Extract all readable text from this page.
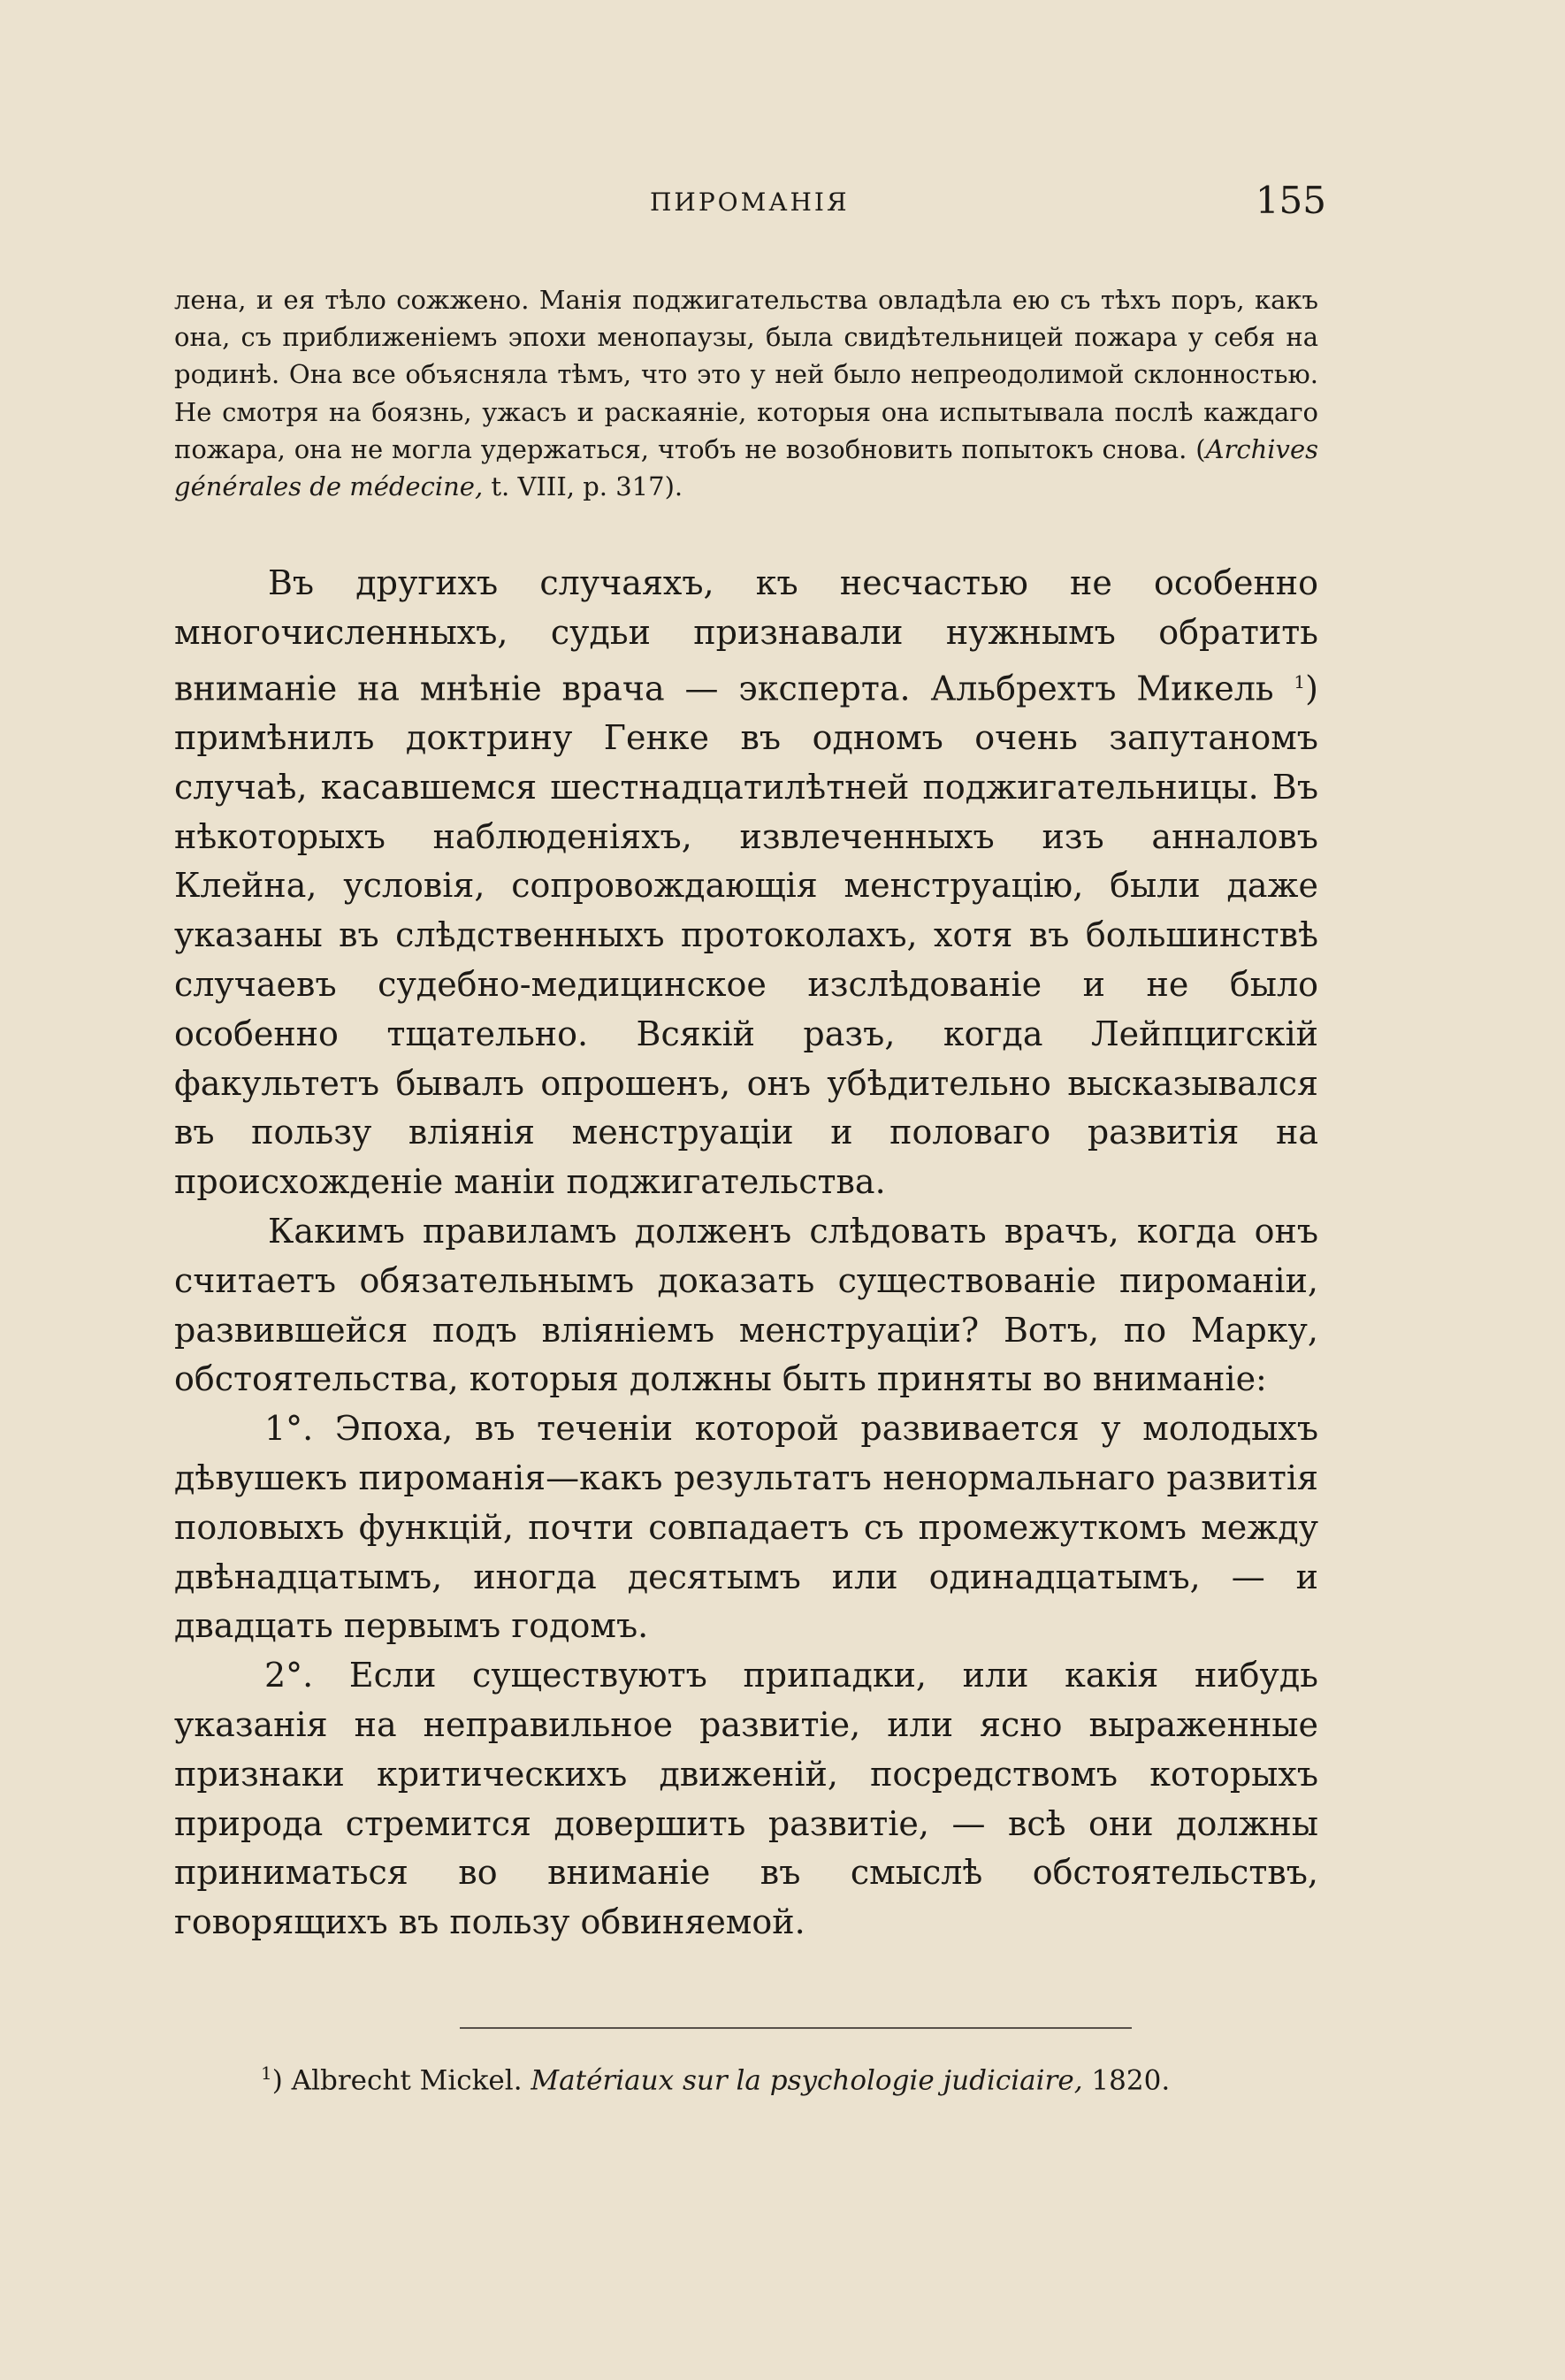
ПИРОМАНІЯ	155
лена, и ея тѣло сожжено. Манія поджигательства овладѣла ею съ тѣхъ поръ, какъ она, съ приближеніемъ эпохи менопаузы, была свидѣтельницей пожара у себя на родинѣ. Она все объясняла тѣмъ, что это у ней было непреодолимой склонностью. Не смотря на боязнь, ужасъ и раскаяніе, которыя она испытывала послѣ каждаго пожара, она не могла удержаться, чтобъ не возобновить попытокъ снова. (Archives générales de médecine, t. VIII, p. 317).

Въ другихъ случаяхъ, къ несчастью не особенно многочисленныхъ, судьи признавали нужнымъ обратить вниманіе на мнѣніе врача — эксперта. Альбрехтъ Микель $^1$) примѣнилъ доктрину Генке въ одномъ очень запутаномъ случаѣ, касавшемся шестнадцатилѣтней поджигательницы. Въ нѣкоторыхъ наблюденіяхъ, извлеченныхъ изъ анналовъ Клейна, условія, сопровождающія менструацію, были даже указаны въ слѣдственныхъ протоколахъ, хотя въ большинствѣ случаевъ судебно-медицинское изслѣдованіе и не было особенно тщательно. Всякій разъ, когда Лейпцигскій факультетъ бывалъ опрошенъ, онъ убѣдительно высказывался въ пользу вліянія менструаціи и половаго развитія на происхожденіе маніи поджигательства.

Какимъ правиламъ долженъ слѣдовать врачъ, когда онъ считаетъ обязательнымъ доказать существованіе пироманіи, развившейся подъ вліяніемъ менструаціи? Вотъ, по Марку, обстоятельства, которыя должны быть приняты во вниманіе:

1°. Эпоха, въ теченіи которой развивается у молодыхъ дѣвушекъ пироманія—какъ результатъ ненормальнаго развитія половыхъ функцій, почти совпадаетъ съ промежуткомъ между двѣнадцатымъ, иногда десятымъ или одинадцатымъ, — и двадцать первымъ годомъ.

2°. Если существуютъ припадки, или какія нибудь указанія на неправильное развитіе, или ясно выраженные признаки критическихъ движеній, посредствомъ которыхъ природа стремится довершить развитіе, — всѣ они должны приниматься во вниманіе въ смыслѣ обстоятельствъ, говорящихъ въ пользу обвиняемой.

$^1$) Albrecht Mickel. Matériaux sur la psychologie judiciaire, 1820.
